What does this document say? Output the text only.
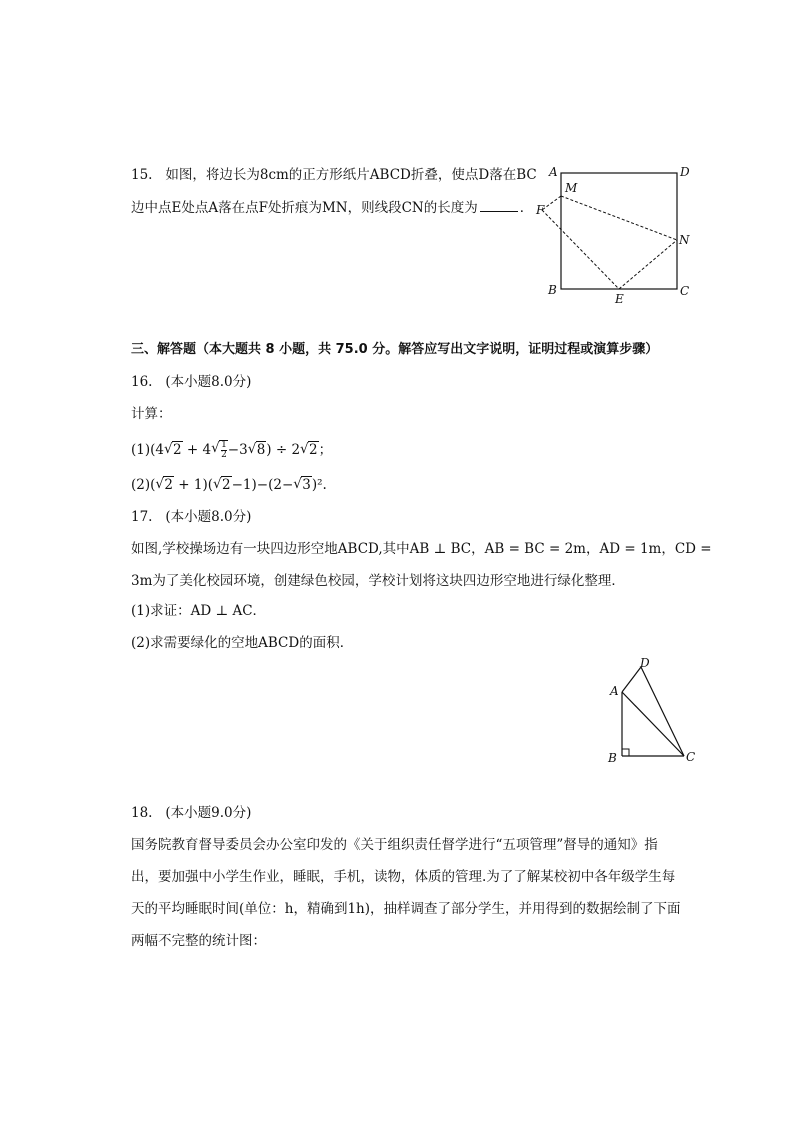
15. 如图，将边长为8cm的正方形纸片ABCD折叠，使点D落在BC
边中点E处点A落在点F处折痕为MN，则线段CN的长度为	．
A	D
M
F
N
B
E
C
三、解答题（本大题共 8 小题，共 75.0 分。解答应写出文字说明，证明过程或演算步骤）
16. (本小题8.0分)
计算：
(1)(4√ 2 + 4
√ $\frac{1}{2} -3√$ 8) ÷ 2√ 2；
(2)(√ 2 + 1)(√ 2−1)−(2−√ 3)².
17. (本小题8.0分)
如图,学校操场边有一块四边形空地ABCD,其中AB ⊥ BC，AB = BC = 2m，AD = 1m，CD =
3m为了美化校园环境，创建绿色校园，学校计划将这块四边形空地进行绿化整理．
(1)求证：AD ⊥ AC．
(2)求需要绿化的空地ABCD的面积．
A
D
B	C
18. (本小题9.0分)
国务院教育督导委员会办公室印发的《关于组织责任督学进行“五项管理”督导的通知》指
出，要加强中小学生作业，睡眠，手机，读物，体质的管理.为了了解某校初中各年级学生每
天的平均睡眠时间(单位：h，精确到1h)，抽样调查了部分学生，并用得到的数据绘制了下面
两幅不完整的统计图：
